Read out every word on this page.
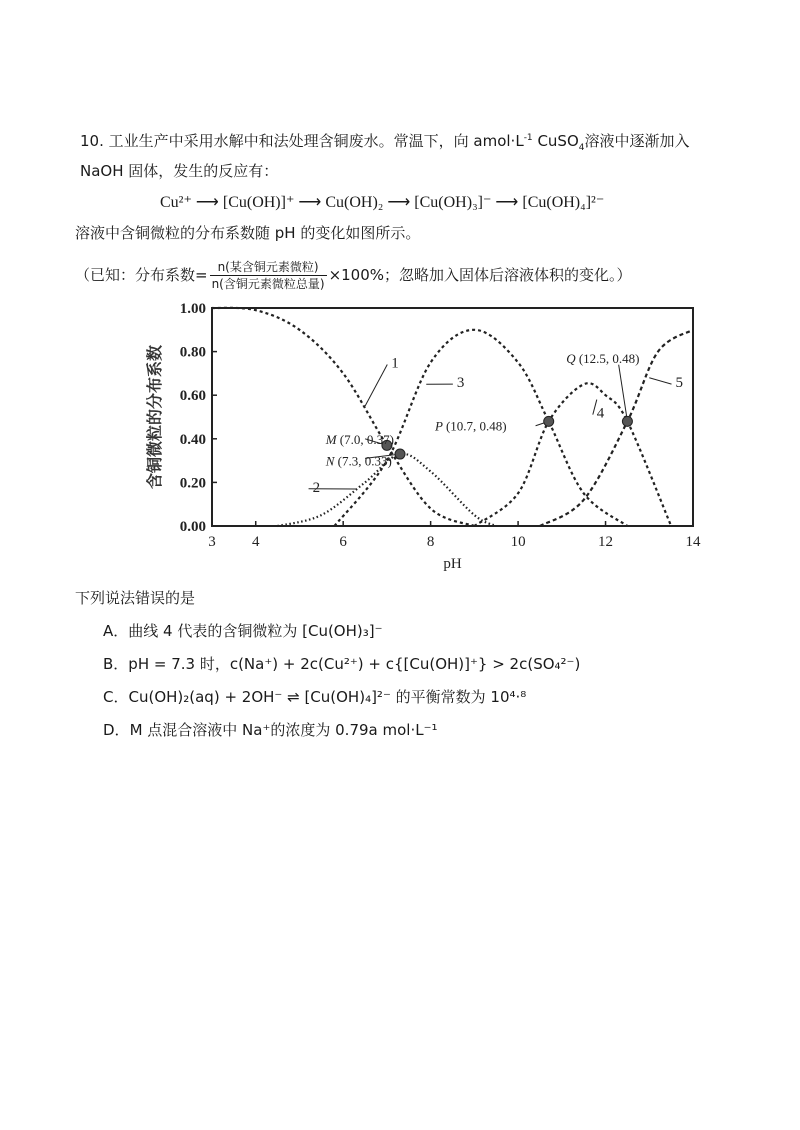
10. 工业生产中采用水解中和法处理含铜废水。常温下，向 $amol\cdot L^{-1}$ CuSO$_4$溶液中逐渐加入
NaOH 固体，发生的反应有：
Cu²⁺ ⟶ [Cu(OH)]⁺ ⟶ Cu(OH)₂ ⟶ [Cu(OH)₃]⁻ ⟶ [Cu(OH)₄]²⁻
溶液中含铜微粒的分布系数随 pH 的变化如图所示。
（已知：分布系数= $\frac{\text{n(某含铜元素微粒)}}{\text{n(含铜元素微粒总量)}} \times 100\%$；忽略加入固体后溶液体积的变化。）
0.00
0.20
0.40
0.60
0.80
1.00
3 4	6	8	10	12	14
pH
含铜微粒的分布系数	1
2
3
4
5
M (7.0, 0.37)
N (7.3, 0.33)
P (10.7, 0.48)
Q (12.5, 0.48)
下列说法错误的是
A．曲线 4 代表的含铜微粒为 [Cu(OH)₃]⁻
B．pH = 7.3 时，c(Na⁺) + 2c(Cu²⁺) + c{[Cu(OH)]⁺} > 2c(SO₄²⁻)
C．Cu(OH)₂(aq) + 2OH⁻ ⇌ [Cu(OH)₄]²⁻ 的平衡常数为 10⁴·⁸
D．M 点混合溶液中 Na⁺的浓度为 0.79a mol·L⁻¹
